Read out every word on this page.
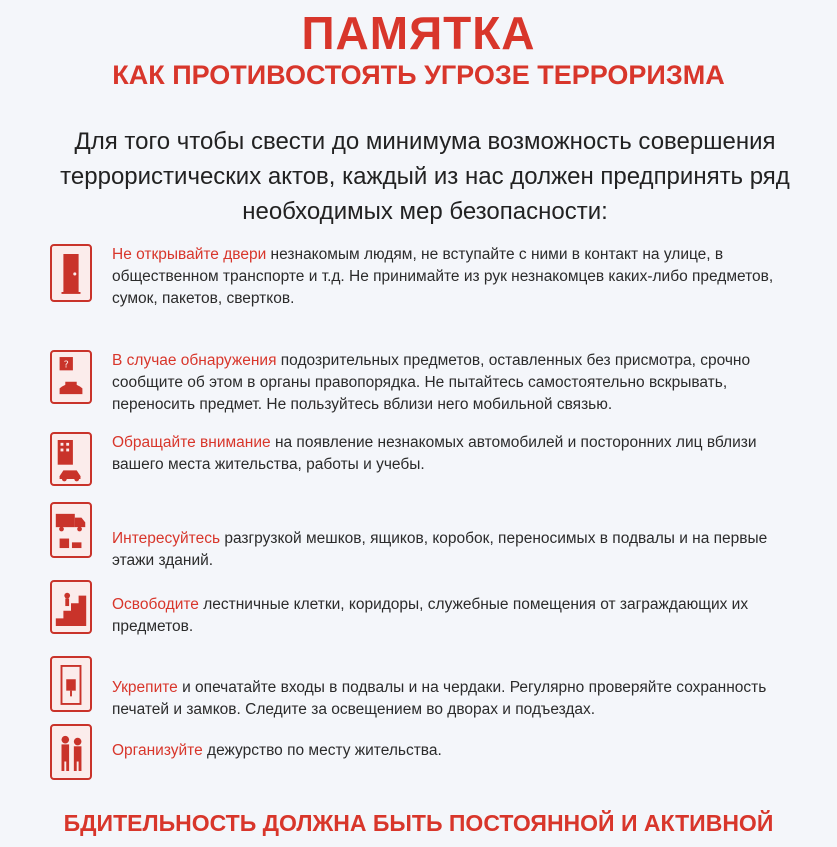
ПАМЯТКА
КАК ПРОТИВОСТОЯТЬ УГРОЗЕ ТЕРРОРИЗМА
Для того чтобы свести до минимума возможность совершения террористических актов, каждый из нас должен предпринять ряд необходимых мер безопасности:
Не открывайте двери незнакомым людям, не вступайте с ними в контакт на улице, в общественном транспорте и т.д. Не принимайте из рук незнакомцев каких-либо предметов, сумок, пакетов, свертков.
?	В случае обнаружения подозрительных предметов, оставленных без присмотра, срочно сообщите об этом в органы правопорядка. Не пытайтесь самостоятельно вскрывать, переносить предмет. Не пользуйтесь вблизи него мобильной связью.
Обращайте внимание на появление незнакомых автомобилей и посторонних лиц вблизи вашего места жительства, работы и учебы.
Интересуйтесь разгрузкой мешков, ящиков, коробок, переносимых в подвалы и на первые этажи зданий.
Освободите лестничные клетки, коридоры, служебные помещения от заграждающих их предметов.
Укрепите и опечатайте входы в подвалы и на чердаки. Регулярно проверяйте сохранность печатей и замков. Следите за освещением во дворах и подъездах.
Организуйте дежурство по месту жительства.
БДИТЕЛЬНОСТЬ ДОЛЖНА БЫТЬ ПОСТОЯННОЙ И АКТИВНОЙ
